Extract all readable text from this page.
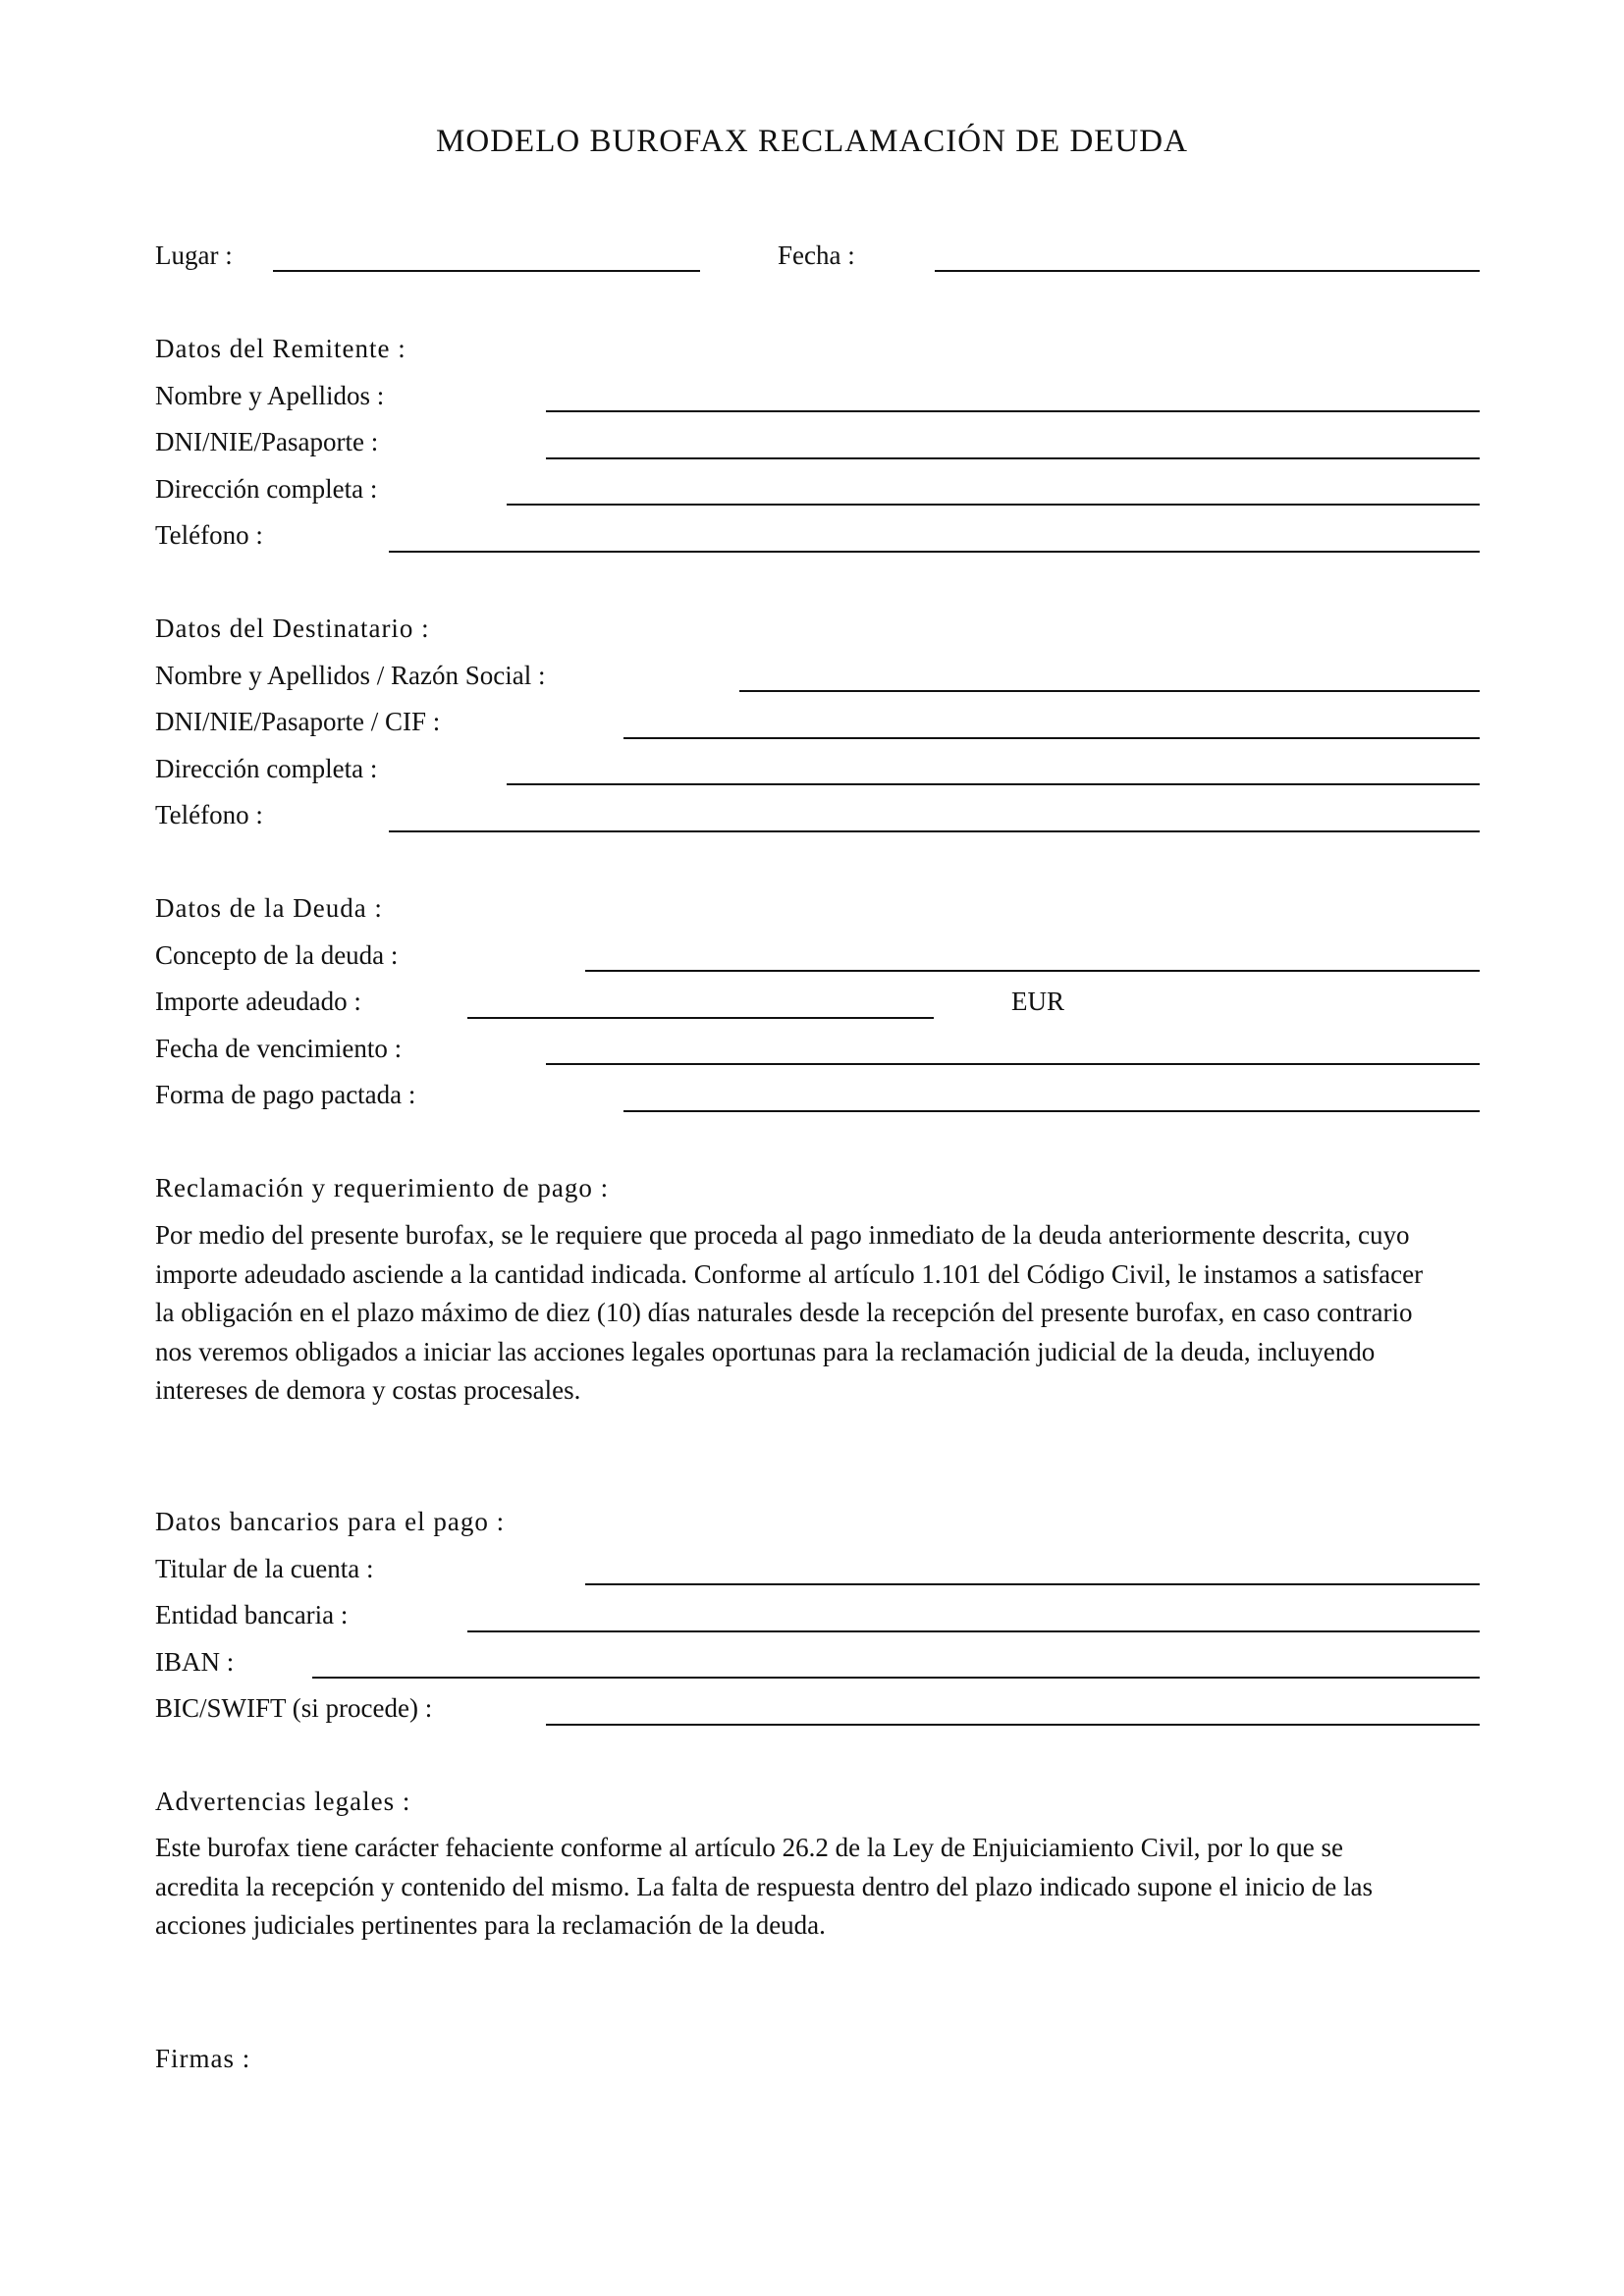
MODELO BUROFAX RECLAMACIÓN DE DEUDA
Lugar :	Fecha :
Datos del Remitente :
Nombre y Apellidos :
DNI/NIE/Pasaporte :
Dirección completa :
Teléfono :
Datos del Destinatario :
Nombre y Apellidos / Razón Social :
DNI/NIE/Pasaporte / CIF :
Dirección completa :
Teléfono :
Datos de la Deuda :
Concepto de la deuda :
Importe adeudado :	EUR
Fecha de vencimiento :
Forma de pago pactada :
Reclamación y requerimiento de pago :
Por medio del presente burofax, se le requiere que proceda al pago inmediato de la deuda anteriormente descrita, cuyo
importe adeudado asciende a la cantidad indicada. Conforme al artículo 1.101 del Código Civil, le instamos a satisfacer
la obligación en el plazo máximo de diez (10) días naturales desde la recepción del presente burofax, en caso contrario
nos veremos obligados a iniciar las acciones legales oportunas para la reclamación judicial de la deuda, incluyendo
intereses de demora y costas procesales.
Datos bancarios para el pago :
Titular de la cuenta :
Entidad bancaria :
IBAN :
BIC/SWIFT (si procede) :
Advertencias legales :
Este burofax tiene carácter fehaciente conforme al artículo 26.2 de la Ley de Enjuiciamiento Civil, por lo que se
acredita la recepción y contenido del mismo. La falta de respuesta dentro del plazo indicado supone el inicio de las
acciones judiciales pertinentes para la reclamación de la deuda.
Firmas :
